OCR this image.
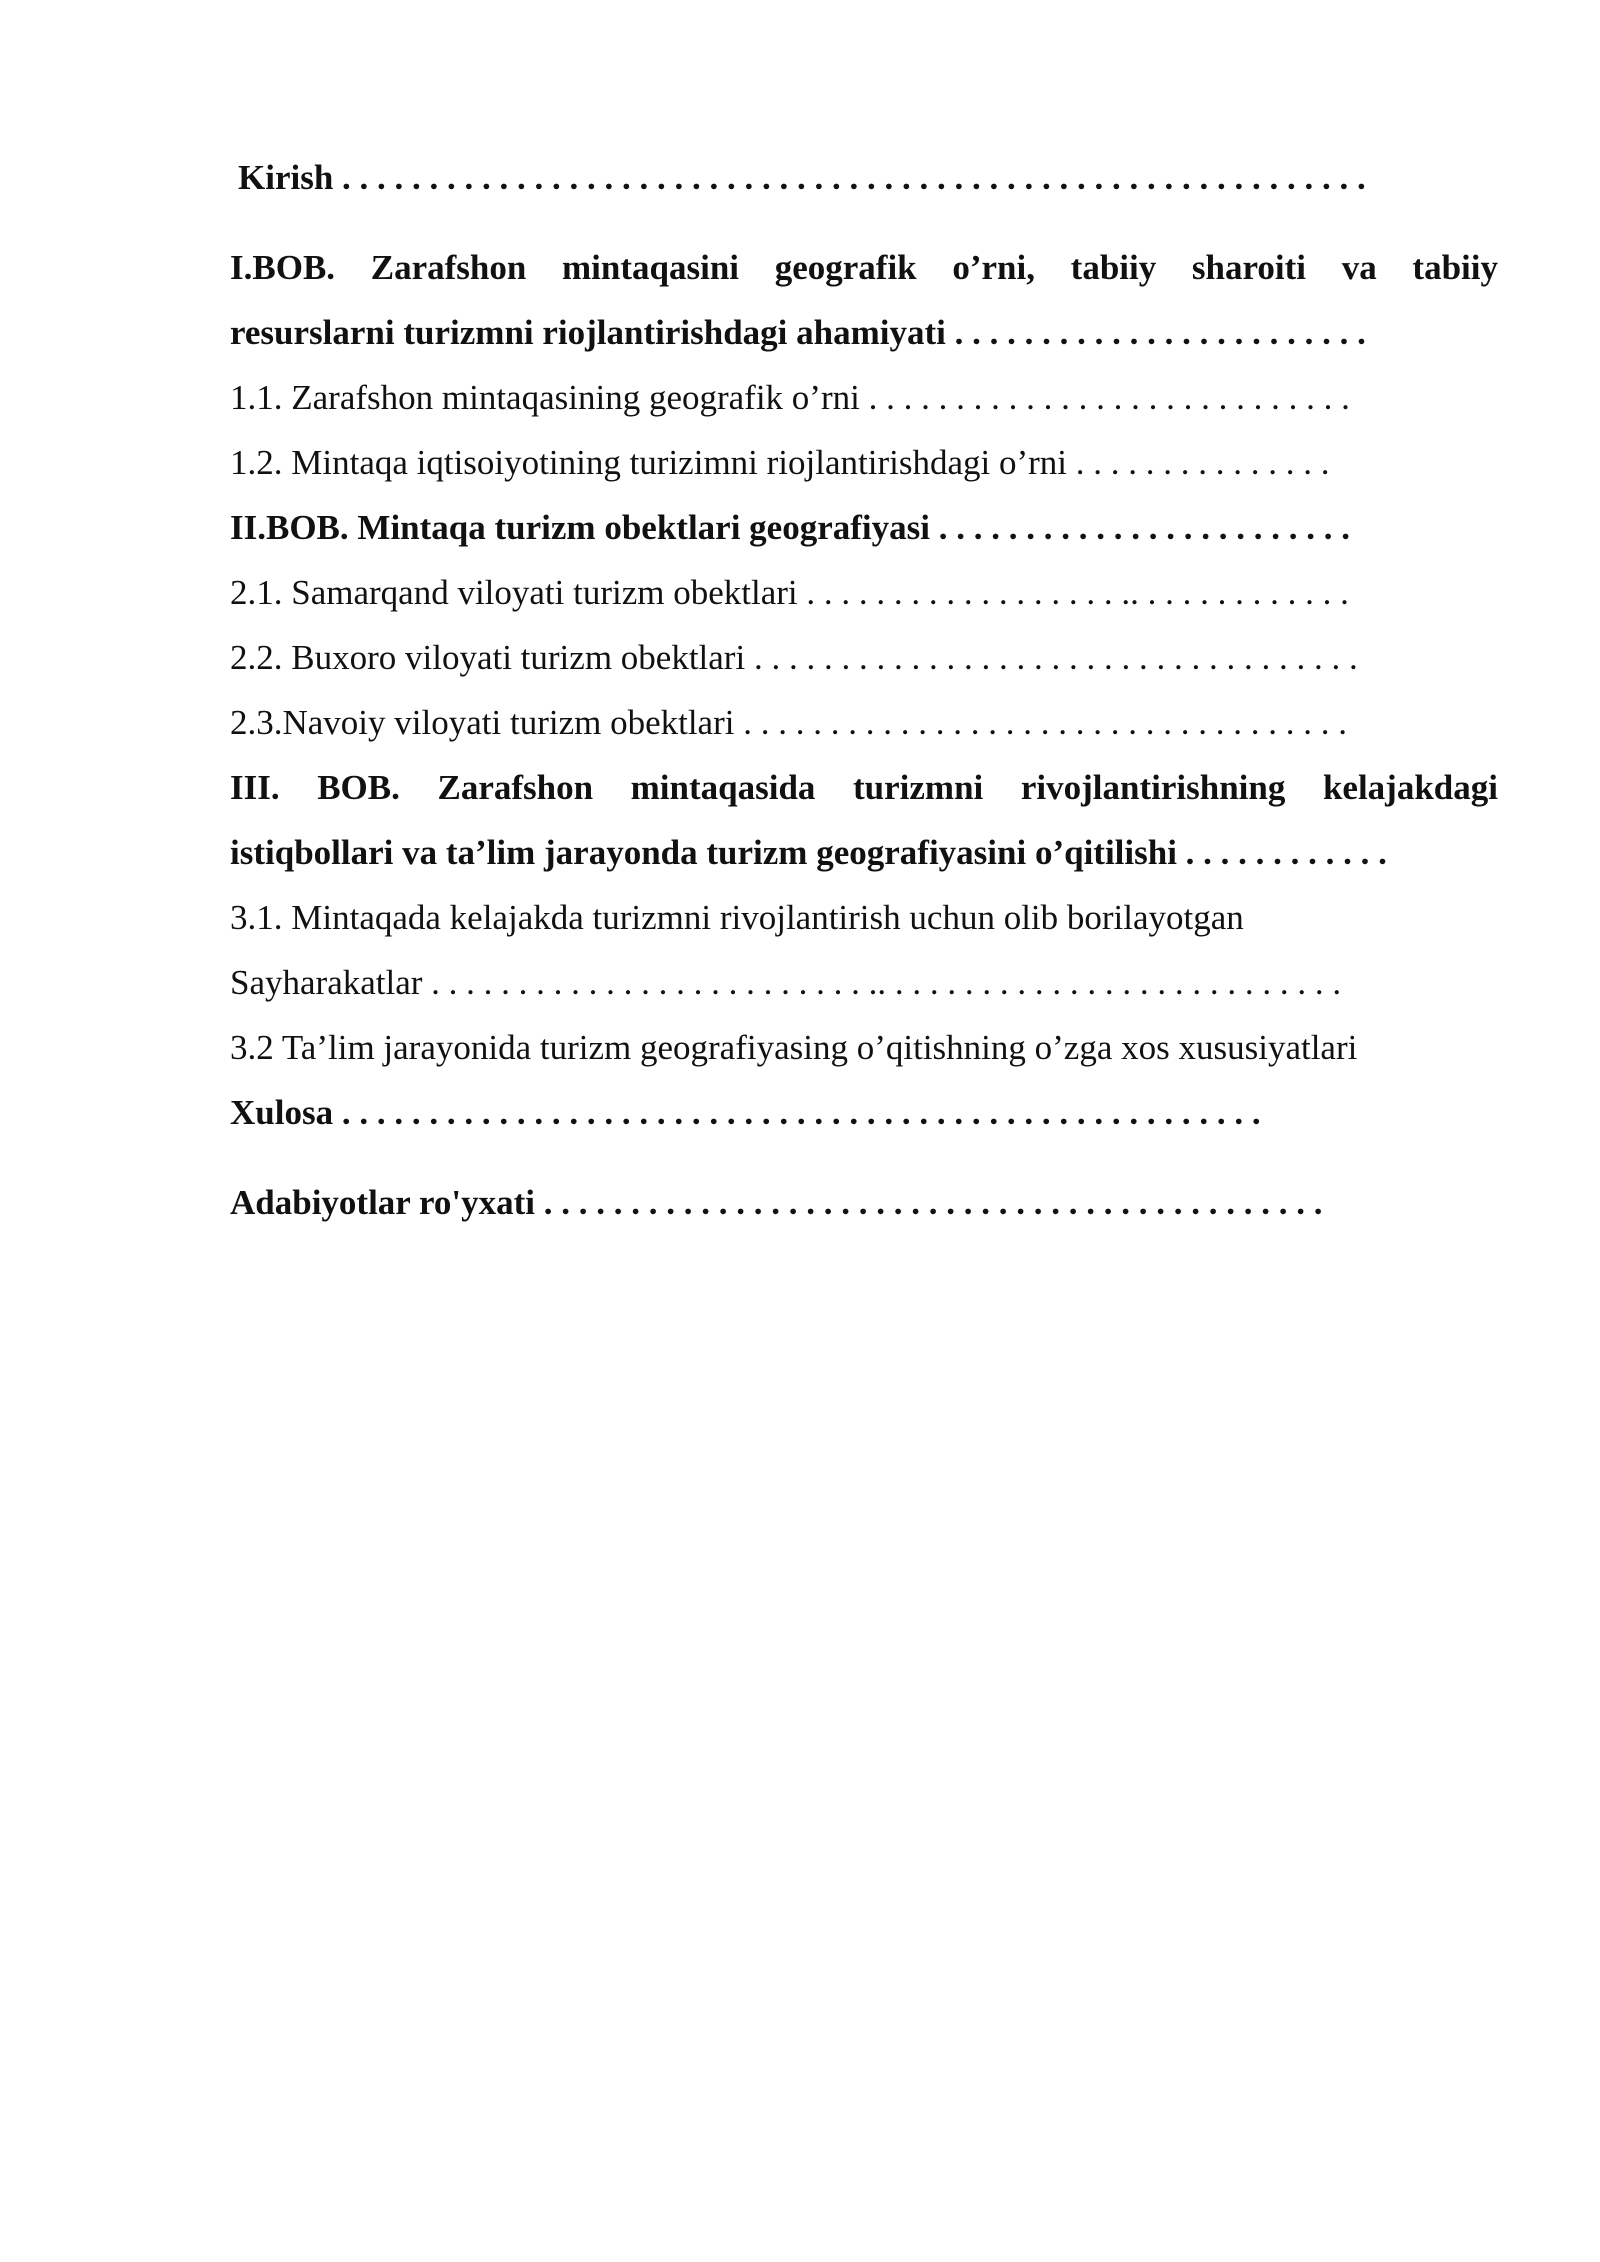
Kirish . . . . . . . . . . . . . . . . . . . . . . . . . . . . . . . . . . . . . . . . . . . . . . . . . . . . . . . . . . .
I.BOB. Zarafshon mintaqasini geografik o’rni, tabiiy sharoiti va tabiiy
resurslarni turizmni riojlantirishdagi ahamiyati . . . . . . . . . . . . . . . . . . . . . . . .
1.1. Zarafshon mintaqasining geografik o’rni . . . . . . . . . . . . . . . . . . . . . . . . . . . .
1.2. Mintaqa iqtisoiyotining turizimni riojlantirishdagi o’rni . . . . . . . . . . . . . . .
II.BOB. Mintaqa turizm obektlari geografiyasi . . . . . . . . . . . . . . . . . . . . . . . .
2.1. Samarqand viloyati turizm obektlari . . . . . . . . . . . . . . . . . . .. . . . . . . . . . . . .
2.2. Buxoro viloyati turizm obektlari . . . . . . . . . . . . . . . . . . . . . . . . . . . . . . . . . . .
2.3.Navoiy viloyati turizm obektlari . . . . . . . . . . . . . . . . . . . . . . . . . . . . . . . . . . .
III. BOB. Zarafshon mintaqasida turizmni rivojlantirishning kelajakdagi
istiqbollari va ta’lim jarayonda turizm geografiyasini o’qitilishi . . . . . . . . . . . .
3.1. Mintaqada kelajakda turizmni rivojlantirish uchun olib borilayotgan
Sayharakatlar . . . . . . . . . . . . . . . . . . . . . . . . . .. . . . . . . . . . . . . . . . . . . . . . . . . . .
3.2 Ta’lim jarayonida turizm geografiyasing o’qitishning o’zga xos xususiyatlari
Xulosa . . . . . . . . . . . . . . . . . . . . . . . . . . . . . . . . . . . . . . . . . . . . . . . . . . . . .
Adabiyotlar ro'yxati . . . . . . . . . . . . . . . . . . . . . . . . . . . . . . . . . . . . . . . . . . . . .
